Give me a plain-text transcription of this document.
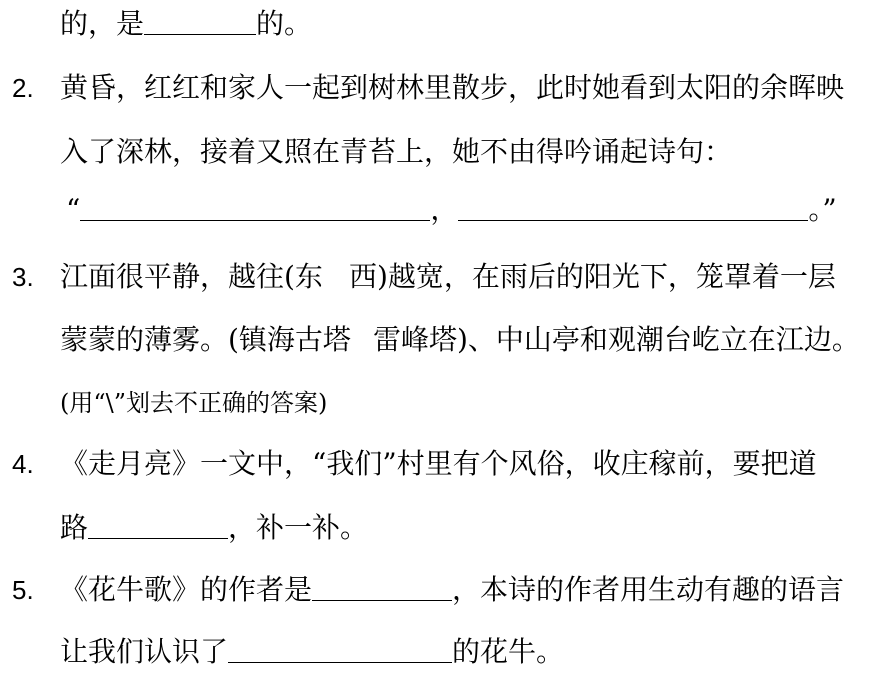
的，是	的。
2. 黄昏，红红和家人一起到树林里散步，此时她看到太阳的余晖映
入了深林，接着又照在青苔上，她不由得吟诵起诗句：
“	，	。”
3. 江面很平静，越往(东 西)越宽，在雨后的阳光下，笼罩着一层
蒙蒙的薄雾。(镇海古塔 雷峰塔)、中山亭和观潮台屹立在江边。
(用“\”划去不正确的答案)
4. 《走月亮》一文中，“我们”村里有个风俗，收庄稼前，要把道
路	，补一补。
5. 《花牛歌》的作者是	，本诗的作者用生动有趣的语言
让我们认识了	的花牛。
